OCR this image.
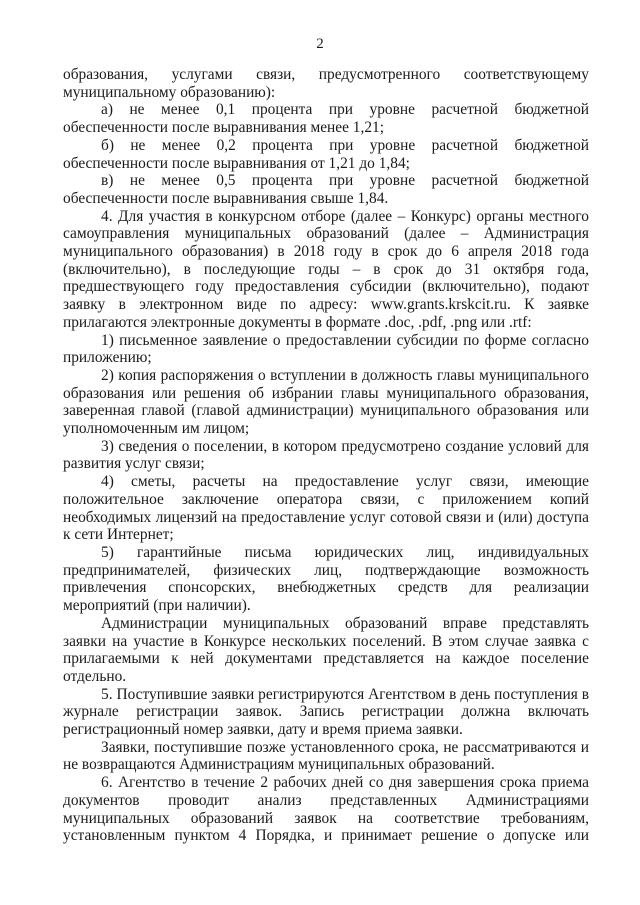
2

образования, услугами связи, предусмотренного соответствующему муниципальному образованию):

а) не менее 0,1 процента при уровне расчетной бюджетной обеспеченности после выравнивания менее 1,21;

б) не менее 0,2 процента при уровне расчетной бюджетной обеспеченности после выравнивания от 1,21 до 1,84;

в) не менее 0,5 процента при уровне расчетной бюджетной обеспеченности после выравнивания свыше 1,84.

4. Для участия в конкурсном отборе (далее – Конкурс) органы местного самоуправления муниципальных образований (далее – Администрация муниципального образования) в 2018 году в срок до 6 апреля 2018 года (включительно), в последующие годы – в срок до 31 октября года, предшествующего году предоставления субсидии (включительно), подают заявку в электронном виде по адресу: www.grants.krskcit.ru. К заявке прилагаются электронные документы в формате .doc, .pdf, .png или .rtf:

1) письменное заявление о предоставлении субсидии по форме согласно приложению;

2) копия распоряжения о вступлении в должность главы муниципального образования или решения об избрании главы муниципального образования, заверенная главой (главой администрации) муниципального образования или уполномоченным им лицом;

3) сведения о поселении, в котором предусмотрено создание условий для развития услуг связи;

4) сметы, расчеты на предоставление услуг связи, имеющие положительное заключение оператора связи, с приложением копий необходимых лицензий на предоставление услуг сотовой связи и (или) доступа к сети Интернет;

5) гарантийные письма юридических лиц, индивидуальных предпринимателей, физических лиц, подтверждающие возможность привлечения спонсорских, внебюджетных средств для реализации мероприятий (при наличии).

Администрации муниципальных образований вправе представлять заявки на участие в Конкурсе нескольких поселений. В этом случае заявка с прилагаемыми к ней документами представляется на каждое поселение отдельно.

5. Поступившие заявки регистрируются Агентством в день поступления в журнале регистрации заявок. Запись регистрации должна включать регистрационный номер заявки, дату и время приема заявки.

Заявки, поступившие позже установленного срока, не рассматриваются и не возвращаются Администрациям муниципальных образований.

6. Агентство в течение 2 рабочих дней со дня завершения срока приема документов проводит анализ представленных Администрациями муниципальных образований заявок на соответствие требованиям, установленным пунктом 4 Порядка, и принимает решение о допуске или
